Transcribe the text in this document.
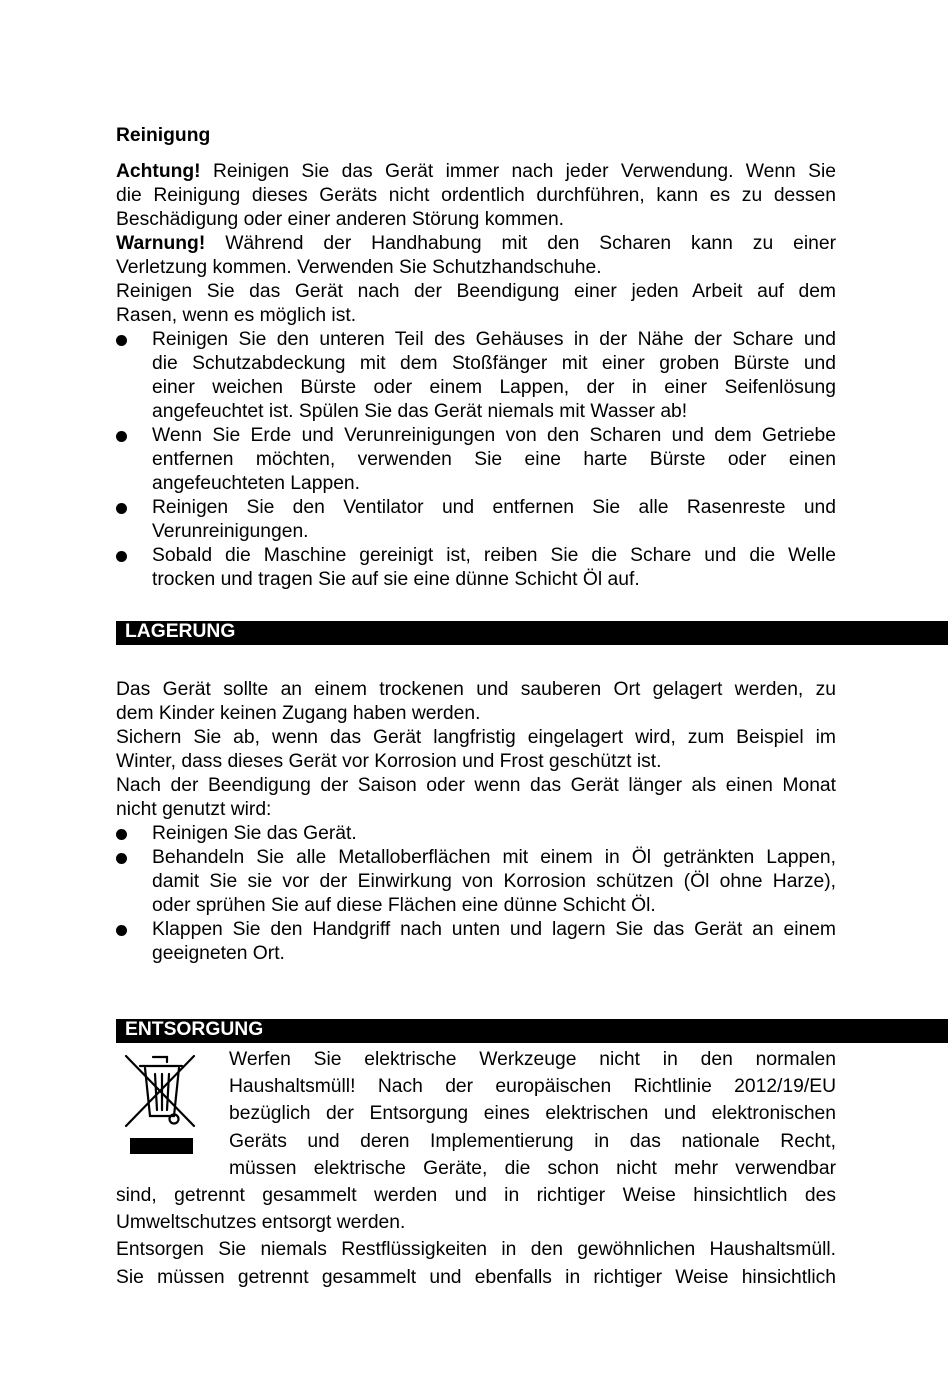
Reinigung

Achtung! Reinigen Sie das Gerät immer nach jeder Verwendung. Wenn Sie

die Reinigung dieses Geräts nicht ordentlich durchführen, kann es zu dessen

Beschädigung oder einer anderen Störung kommen.

Warnung! Während der Handhabung mit den Scharen kann zu einer

Verletzung kommen. Verwenden Sie Schutzhandschuhe.

Reinigen Sie das Gerät nach der Beendigung einer jeden Arbeit auf dem

Rasen, wenn es möglich ist.

Reinigen Sie den unteren Teil des Gehäuses in der Nähe der Schare und
die Schutzabdeckung mit dem Stoßfänger mit einer groben Bürste und
einer weichen Bürste oder einem Lappen, der in einer Seifenlösung
angefeuchtet ist. Spülen Sie das Gerät niemals mit Wasser ab!
Wenn Sie Erde und Verunreinigungen von den Scharen und dem Getriebe
entfernen möchten, verwenden Sie eine harte Bürste oder einen
angefeuchteten Lappen.
Reinigen Sie den Ventilator und entfernen Sie alle Rasenreste und
Verunreinigungen.
Sobald die Maschine gereinigt ist, reiben Sie die Schare und die Welle
trocken und tragen Sie auf sie eine dünne Schicht Öl auf.
LAGERUNG

Das Gerät sollte an einem trockenen und sauberen Ort gelagert werden, zu

dem Kinder keinen Zugang haben werden.

Sichern Sie ab, wenn das Gerät langfristig eingelagert wird, zum Beispiel im

Winter, dass dieses Gerät vor Korrosion und Frost geschützt ist.

Nach der Beendigung der Saison oder wenn das Gerät länger als einen Monat

nicht genutzt wird:

Reinigen Sie das Gerät.
Behandeln Sie alle Metalloberflächen mit einem in Öl getränkten Lappen,
damit Sie sie vor der Einwirkung von Korrosion schützen (Öl ohne Harze),
oder sprühen Sie auf diese Flächen eine dünne Schicht Öl.
Klappen Sie den Handgriff nach unten und lagern Sie das Gerät an einem
geeigneten Ort.
ENTSORGUNG

Werfen Sie elektrische Werkzeuge nicht in den normalen

Haushaltsmüll! Nach der europäischen Richtlinie 2012/19/EU

bezüglich der Entsorgung eines elektrischen und elektronischen

Geräts und deren Implementierung in das nationale Recht,

müssen elektrische Geräte, die schon nicht mehr verwendbar

sind, getrennt gesammelt werden und in richtiger Weise hinsichtlich des

Umweltschutzes entsorgt werden.

Entsorgen Sie niemals Restflüssigkeiten in den gewöhnlichen Haushaltsmüll.

Sie müssen getrennt gesammelt und ebenfalls in richtiger Weise hinsichtlich
